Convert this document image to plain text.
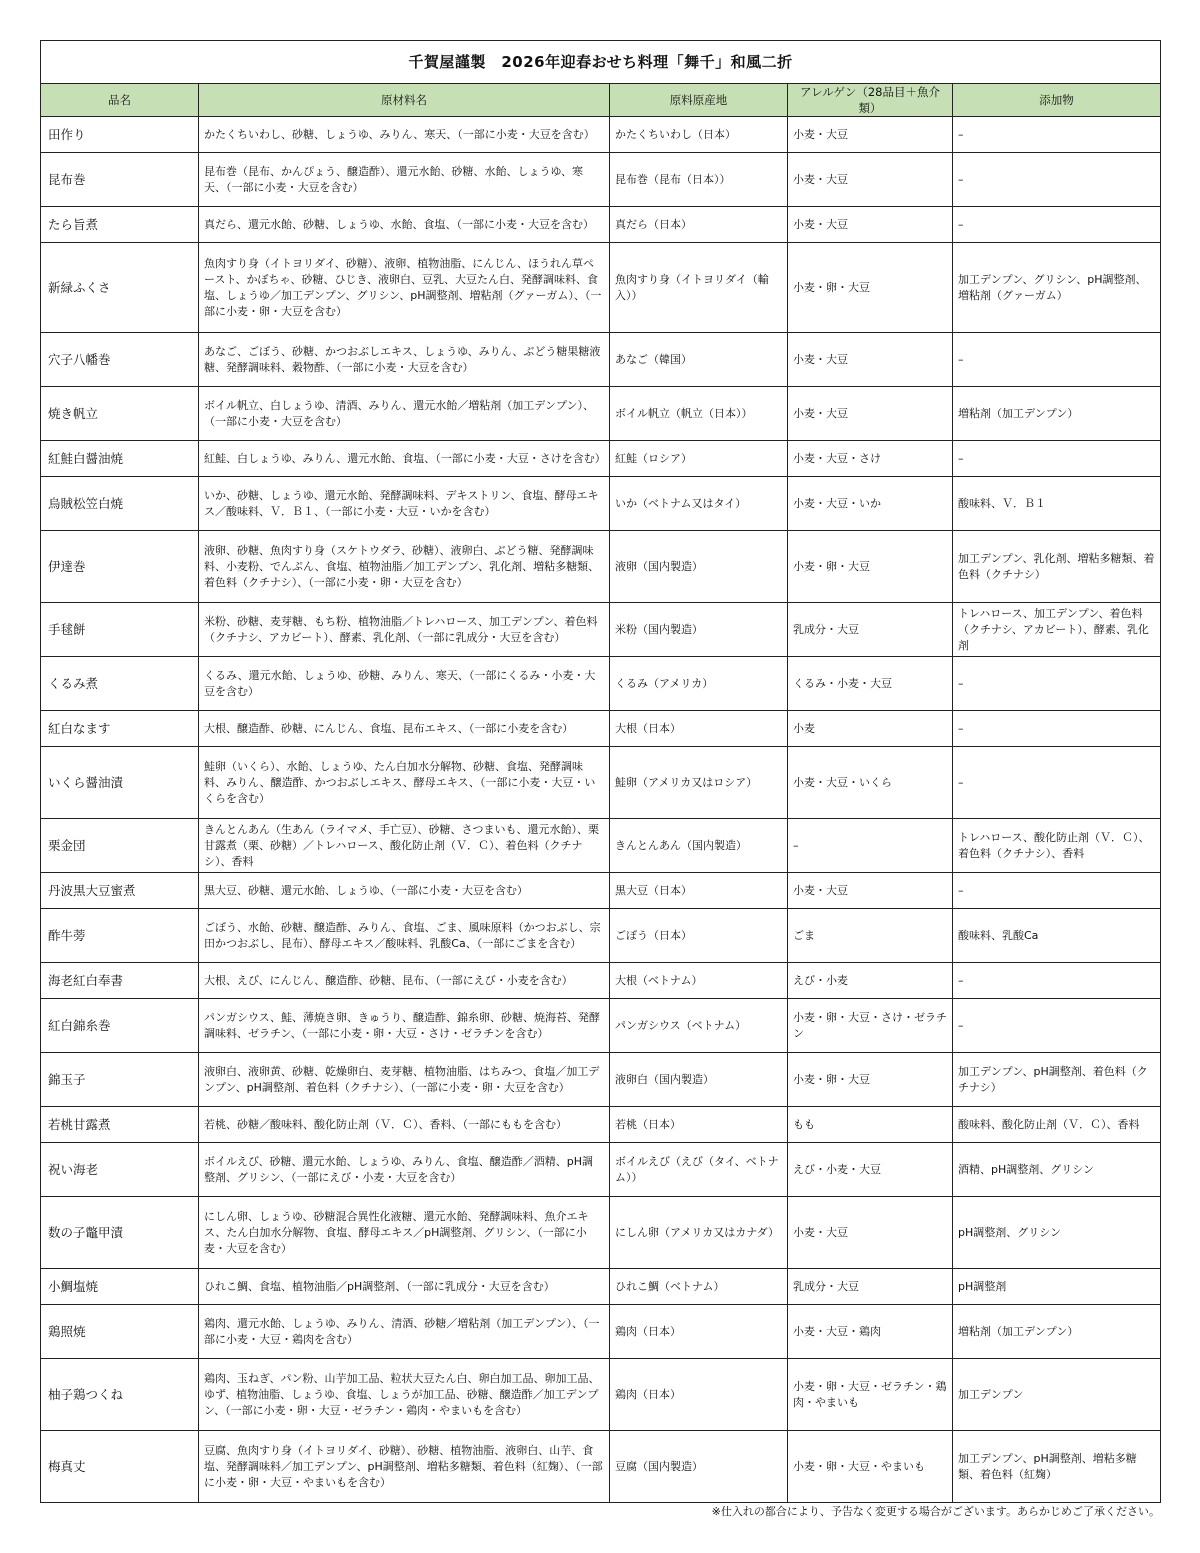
千賀屋謹製　2026年迎春おせち料理「舞千」和風二折				
品名	原材料名	原料原産地	アレルゲン（28品目＋魚介類）	添加物
田作り	かたくちいわし、砂糖、しょうゆ、みりん、寒天、（一部に小麦・大豆を含む）	かたくちいわし（日本）	小麦・大豆	–
昆布巻	昆布巻（昆布、かんぴょう、醸造酢）、還元水飴、砂糖、水飴、しょうゆ、寒天、（一部に小麦・大豆を含む）	昆布巻（昆布（日本））	小麦・大豆	–
たら旨煮	真だら、還元水飴、砂糖、しょうゆ、水飴、食塩、（一部に小麦・大豆を含む）	真だら（日本）	小麦・大豆	–
新緑ふくさ	魚肉すり身（イトヨリダイ、砂糖）、液卵、植物油脂、にんじん、ほうれん草ペースト、かぼちゃ、砂糖、ひじき、液卵白、豆乳、大豆たん白、発酵調味料、食塩、しょうゆ／加工デンプン、グリシン、pH調整剤、増粘剤（グァーガム）、（一部に小麦・卵・大豆を含む）	魚肉すり身（イトヨリダイ（輸入））	小麦・卵・大豆	加工デンプン、グリシン、pH調整剤、増粘剤（グァーガム）
穴子八幡巻	あなご、ごぼう、砂糖、かつおぶしエキス、しょうゆ、みりん、ぶどう糖果糖液糖、発酵調味料、穀物酢、（一部に小麦・大豆を含む）	あなご（韓国）	小麦・大豆	–
焼き帆立	ボイル帆立、白しょうゆ、清酒、みりん、還元水飴／増粘剤（加工デンプン）、（一部に小麦・大豆を含む）	ボイル帆立（帆立（日本））	小麦・大豆	増粘剤（加工デンプン）
紅鮭白醤油焼	紅鮭、白しょうゆ、みりん、還元水飴、食塩、（一部に小麦・大豆・さけを含む）	紅鮭（ロシア）	小麦・大豆・さけ	–
烏賊松笠白焼	いか、砂糖、しょうゆ、還元水飴、発酵調味料、デキストリン、食塩、酵母エキス／酸味料、Ｖ．Ｂ１、（一部に小麦・大豆・いかを含む）	いか（ベトナム又はタイ）	小麦・大豆・いか	酸味料、Ｖ．Ｂ１
伊達巻	液卵、砂糖、魚肉すり身（スケトウダラ、砂糖）、液卵白、ぶどう糖、発酵調味料、小麦粉、でんぷん、食塩、植物油脂／加工デンプン、乳化剤、増粘多糖類、着色料（クチナシ）、（一部に小麦・卵・大豆を含む）	液卵（国内製造）	小麦・卵・大豆	加工デンプン、乳化剤、増粘多糖類、着色料（クチナシ）
手毬餅	米粉、砂糖、麦芽糖、もち粉、植物油脂／トレハロース、加工デンプン、着色料（クチナシ、アカビート）、酵素、乳化剤、（一部に乳成分・大豆を含む）	米粉（国内製造）	乳成分・大豆	トレハロース、加工デンプン、着色料（クチナシ、アカビート）、酵素、乳化剤
くるみ煮	くるみ、還元水飴、しょうゆ、砂糖、みりん、寒天、（一部にくるみ・小麦・大豆を含む）	くるみ（アメリカ）	くるみ・小麦・大豆	–
紅白なます	大根、醸造酢、砂糖、にんじん、食塩、昆布エキス、（一部に小麦を含む）	大根（日本）	小麦	–
いくら醤油漬	鮭卵（いくら）、水飴、しょうゆ、たん白加水分解物、砂糖、食塩、発酵調味料、みりん、醸造酢、かつおぶしエキス、酵母エキス、（一部に小麦・大豆・いくらを含む）	鮭卵（アメリカ又はロシア）	小麦・大豆・いくら	–
栗金団	きんとんあん（生あん（ライマメ、手亡豆）、砂糖、さつまいも、還元水飴）、栗甘露煮（栗、砂糖）／トレハロース、酸化防止剤（Ｖ．Ｃ）、着色料（クチナシ）、香料	きんとんあん（国内製造）	–	トレハロース、酸化防止剤（Ｖ．Ｃ）、着色料（クチナシ）、香料
丹波黒大豆蜜煮	黒大豆、砂糖、還元水飴、しょうゆ、（一部に小麦・大豆を含む）	黒大豆（日本）	小麦・大豆	–
酢牛蒡	ごぼう、水飴、砂糖、醸造酢、みりん、食塩、ごま、風味原料（かつおぶし、宗田かつおぶし、昆布）、酵母エキス／酸味料、乳酸Ca、（一部にごまを含む）	ごぼう（日本）	ごま	酸味料、乳酸Ca
海老紅白奉書	大根、えび、にんじん、醸造酢、砂糖、昆布、（一部にえび・小麦を含む）	大根（ベトナム）	えび・小麦	–
紅白錦糸巻	パンガシウス、鮭、薄焼き卵、きゅうり、醸造酢、錦糸卵、砂糖、焼海苔、発酵調味料、ゼラチン、（一部に小麦・卵・大豆・さけ・ゼラチンを含む）	パンガシウス（ベトナム）	小麦・卵・大豆・さけ・ゼラチン	–
錦玉子	液卵白、液卵黄、砂糖、乾燥卵白、麦芽糖、植物油脂、はちみつ、食塩／加工デンプン、pH調整剤、着色料（クチナシ）、（一部に小麦・卵・大豆を含む）	液卵白（国内製造）	小麦・卵・大豆	加工デンプン、pH調整剤、着色料（クチナシ）
若桃甘露煮	若桃、砂糖／酸味料、酸化防止剤（Ｖ．Ｃ）、香料、（一部にももを含む）	若桃（日本）	もも	酸味料、酸化防止剤（Ｖ．Ｃ）、香料
祝い海老	ボイルえび、砂糖、還元水飴、しょうゆ、みりん、食塩、醸造酢／酒精、pH調整剤、グリシン、（一部にえび・小麦・大豆を含む）	ボイルえび（えび（タイ、ベトナム））	えび・小麦・大豆	酒精、pH調整剤、グリシン
数の子鼈甲漬	にしん卵、しょうゆ、砂糖混合異性化液糖、還元水飴、発酵調味料、魚介エキス、たん白加水分解物、食塩、酵母エキス／pH調整剤、グリシン、（一部に小麦・大豆を含む）	にしん卵（アメリカ又はカナダ）	小麦・大豆	pH調整剤、グリシン
小鯛塩焼	ひれこ鯛、食塩、植物油脂／pH調整剤、（一部に乳成分・大豆を含む）	ひれこ鯛（ベトナム）	乳成分・大豆	pH調整剤
鶏照焼	鶏肉、還元水飴、しょうゆ、みりん、清酒、砂糖／増粘剤（加工デンプン）、（一部に小麦・大豆・鶏肉を含む）	鶏肉（日本）	小麦・大豆・鶏肉	増粘剤（加工デンプン）
柚子鶏つくね	鶏肉、玉ねぎ、パン粉、山芋加工品、粒状大豆たん白、卵白加工品、卵加工品、ゆず、植物油脂、しょうゆ、食塩、しょうが加工品、砂糖、醸造酢／加工デンプン、（一部に小麦・卵・大豆・ゼラチン・鶏肉・やまいもを含む）	鶏肉（日本）	小麦・卵・大豆・ゼラチン・鶏肉・やまいも	加工デンプン
梅真丈	豆腐、魚肉すり身（イトヨリダイ、砂糖）、砂糖、植物油脂、液卵白、山芋、食塩、発酵調味料／加工デンプン、pH調整剤、増粘多糖類、着色料（紅麹）、（一部に小麦・卵・大豆・やまいもを含む）	豆腐（国内製造）	小麦・卵・大豆・やまいも	加工デンプン、pH調整剤、増粘多糖類、着色料（紅麹）
※仕入れの都合により、予告なく変更する場合がございます。あらかじめご了承ください。
